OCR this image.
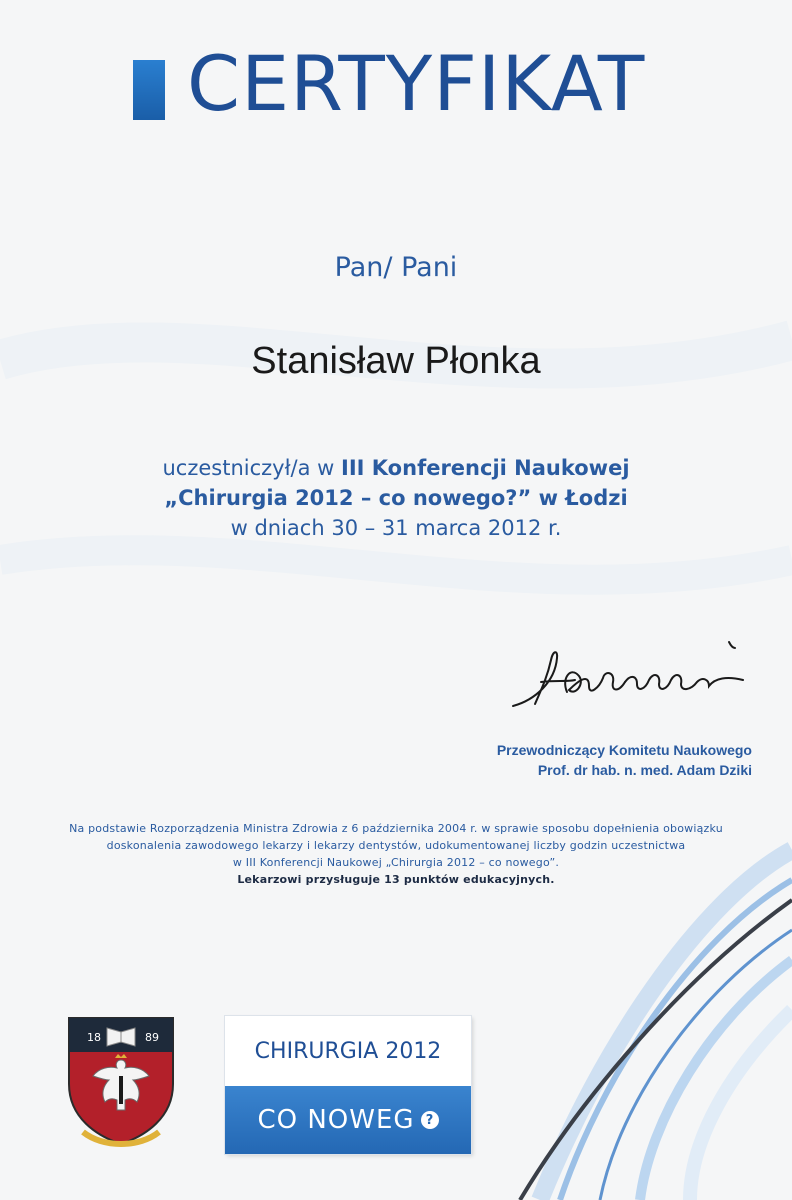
CERTYFIKAT
Pan/ Pani
Stanisław Płonka
uczestniczył/a w III Konferencji Naukowej
„Chirurgia 2012 – co nowego?” w Łodzi
w dniach 30 – 31 marca 2012 r.
Przewodniczący Komitetu Naukowego
Prof. dr hab. n. med. Adam Dziki
Na podstawie Rozporządzenia Ministra Zdrowia z 6 października 2004 r. w sprawie sposobu dopełnienia obowiązku
doskonalenia zawodowego lekarzy i lekarzy dentystów, udokumentowanej liczby godzin uczestnictwa
w III Konferencji Naukowej „Chirurgia 2012 – co nowego”.
Lekarzowi przysługuje 13 punktów edukacyjnych.
18	89
CHIRURGIA 2012
CO NOWEG ?
